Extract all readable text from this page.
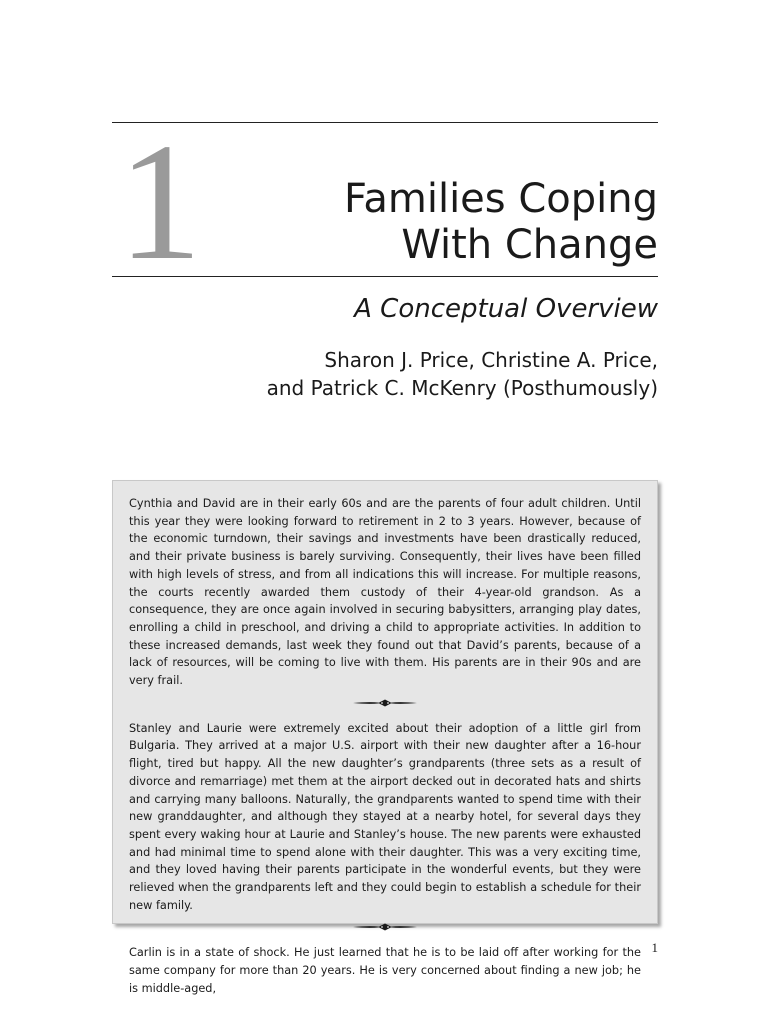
1	Families Coping
With Change
A Conceptual Overview
Sharon J. Price, Christine A. Price,
and Patrick C. McKenry (Posthumously)

Cynthia and David are in their early 60s and are the parents of four adult children. Until this year they were looking forward to retirement in 2 to 3 years. However, because of the economic turndown, their savings and investments have been drastically reduced, and their private business is barely surviving. Consequently, their lives have been filled with high levels of stress, and from all indications this will increase. For multiple reasons, the courts recently awarded them custody of their 4-year-old grandson. As a consequence, they are once again involved in securing babysitters, arranging play dates, enrolling a child in preschool, and driving a child to appropriate activities. In addition to these increased demands, last week they found out that David’s parents, because of a lack of resources, will be coming to live with them. His parents are in their 90s and are very frail.

Stanley and Laurie were extremely excited about their adoption of a little girl from Bulgaria. They arrived at a major U.S. airport with their new daughter after a 16-hour flight, tired but happy. All the new daughter’s grandparents (three sets as a result of divorce and remarriage) met them at the airport decked out in decorated hats and shirts and carrying many balloons. Naturally, the grandparents wanted to spend time with their new granddaughter, and although they stayed at a nearby hotel, for several days they spent every waking hour at Laurie and Stanley’s house. The new parents were exhausted and had minimal time to spend alone with their daughter. This was a very exciting time, and they loved having their parents participate in the wonderful events, but they were relieved when the grandparents left and they could begin to establish a schedule for their new family.

Carlin is in a state of shock. He just learned that he is to be laid off after working for the same company for more than 20 years. He is very concerned about finding a new job; he is middle-aged,

1
